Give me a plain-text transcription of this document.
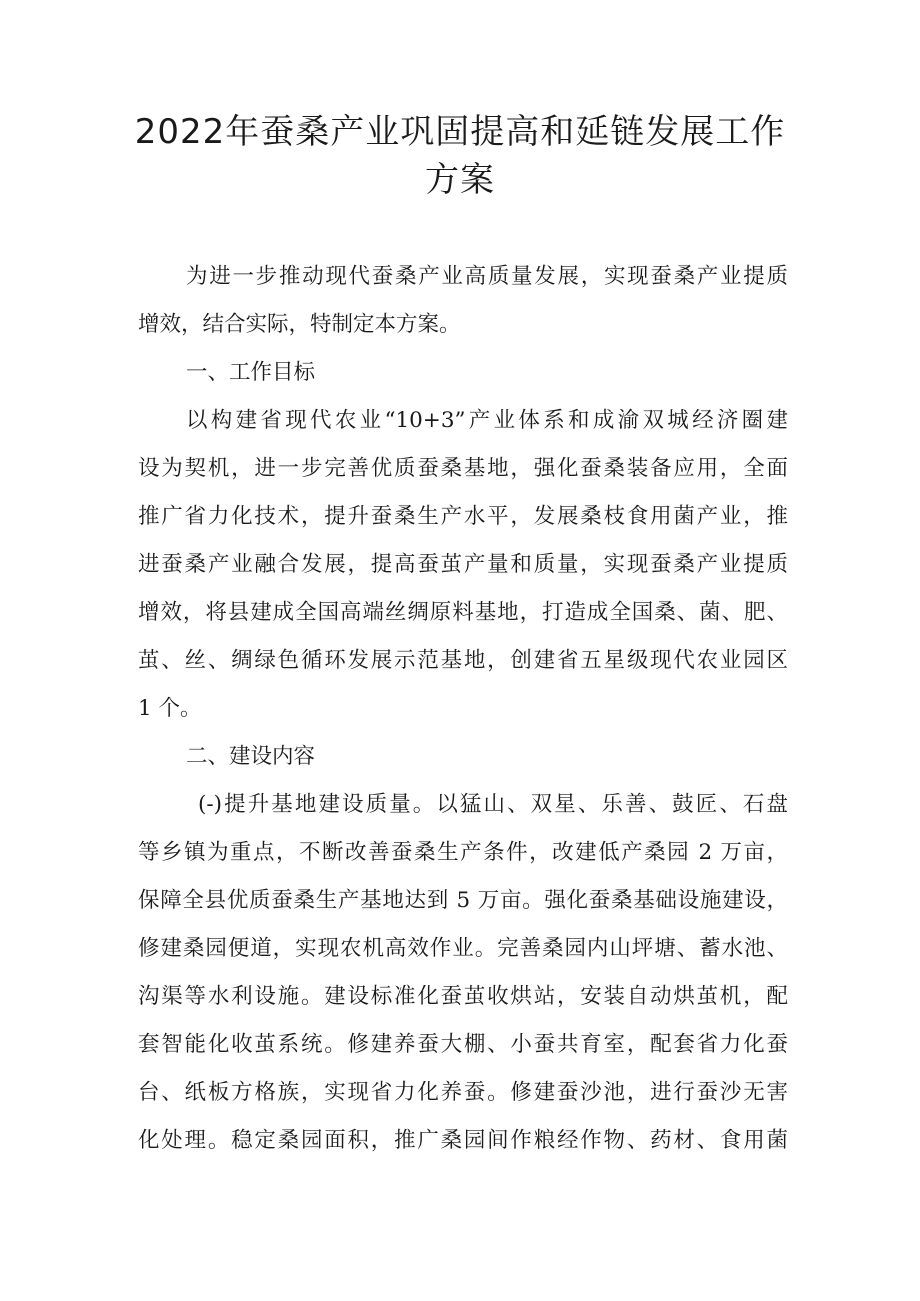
2022年蚕桑产业巩固提高和延链发展工作
方案
为进一步推动现代蚕桑产业高质量发展，实现蚕桑产业提质
增效，结合实际，特制定本方案。
一、工作目标
以构建省现代农业“10+3”产业体系和成渝双城经济圈建
设为契机，进一步完善优质蚕桑基地，强化蚕桑装备应用，全面
推广省力化技术，提升蚕桑生产水平，发展桑枝食用菌产业，推
进蚕桑产业融合发展，提高蚕茧产量和质量，实现蚕桑产业提质
增效，将县建成全国高端丝绸原料基地，打造成全国桑、菌、肥、
茧、丝、绸绿色循环发展示范基地，创建省五星级现代农业园区
1 个。
二、建设内容
(-)提升基地建设质量。以猛山、双星、乐善、鼓匠、石盘
等乡镇为重点，不断改善蚕桑生产条件，改建低产桑园 2 万亩，
保障全县优质蚕桑生产基地达到 5 万亩。强化蚕桑基础设施建设，
修建桑园便道，实现农机高效作业。完善桑园内山坪塘、蓄水池、
沟渠等水利设施。建设标准化蚕茧收烘站，安装自动烘茧机，配
套智能化收茧系统。修建养蚕大棚、小蚕共育室，配套省力化蚕
台、纸板方格族，实现省力化养蚕。修建蚕沙池，进行蚕沙无害
化处理。稳定桑园面积，推广桑园间作粮经作物、药材、食用菌
